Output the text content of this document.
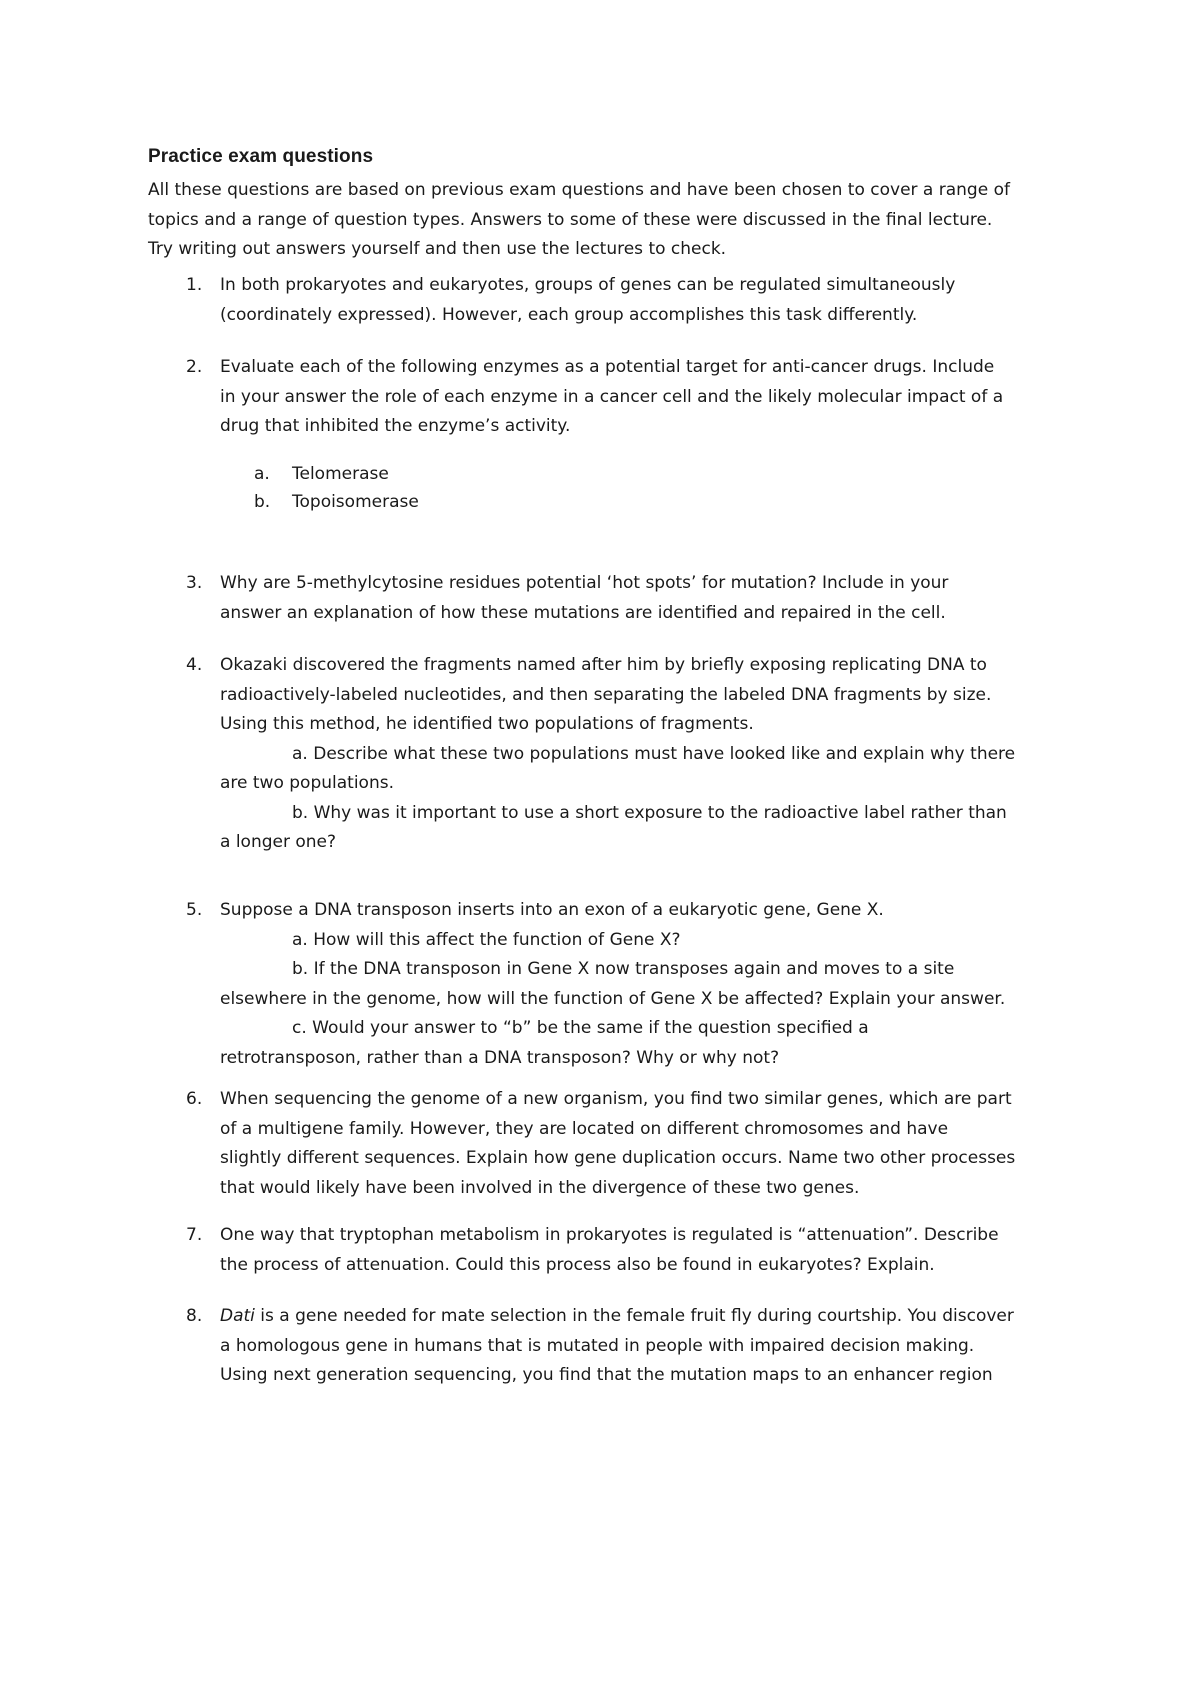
Practice exam questions
All these questions are based on previous exam questions and have been chosen to cover a range of
topics and a range of question types. Answers to some of these were discussed in the final lecture.
Try writing out answers yourself and then use the lectures to check.
1. In both prokaryotes and eukaryotes, groups of genes can be regulated simultaneously
(coordinately expressed). However, each group accomplishes this task differently.
2. Evaluate each of the following enzymes as a potential target for anti-cancer drugs. Include
in your answer the role of each enzyme in a cancer cell and the likely molecular impact of a
drug that inhibited the enzyme’s activity.
a. Telomerase
b. Topoisomerase
3. Why are 5-methylcytosine residues potential ‘hot spots’ for mutation? Include in your
answer an explanation of how these mutations are identified and repaired in the cell.
4. Okazaki discovered the fragments named after him by briefly exposing replicating DNA to
radioactively-labeled nucleotides, and then separating the labeled DNA fragments by size.
Using this method, he identified two populations of fragments.
a. Describe what these two populations must have looked like and explain why there
are two populations.
b. Why was it important to use a short exposure to the radioactive label rather than
a longer one?
5. Suppose a DNA transposon inserts into an exon of a eukaryotic gene, Gene X.
a. How will this affect the function of Gene X?
b. If the DNA transposon in Gene X now transposes again and moves to a site
elsewhere in the genome, how will the function of Gene X be affected? Explain your answer.
c. Would your answer to “b” be the same if the question specified a
retrotransposon, rather than a DNA transposon? Why or why not?
6. When sequencing the genome of a new organism, you find two similar genes, which are part
of a multigene family. However, they are located on different chromosomes and have
slightly different sequences. Explain how gene duplication occurs. Name two other processes
that would likely have been involved in the divergence of these two genes.
7. One way that tryptophan metabolism in prokaryotes is regulated is “attenuation”. Describe
the process of attenuation. Could this process also be found in eukaryotes? Explain.
8. Dati is a gene needed for mate selection in the female fruit fly during courtship. You discover
a homologous gene in humans that is mutated in people with impaired decision making.
Using next generation sequencing, you find that the mutation maps to an enhancer region
